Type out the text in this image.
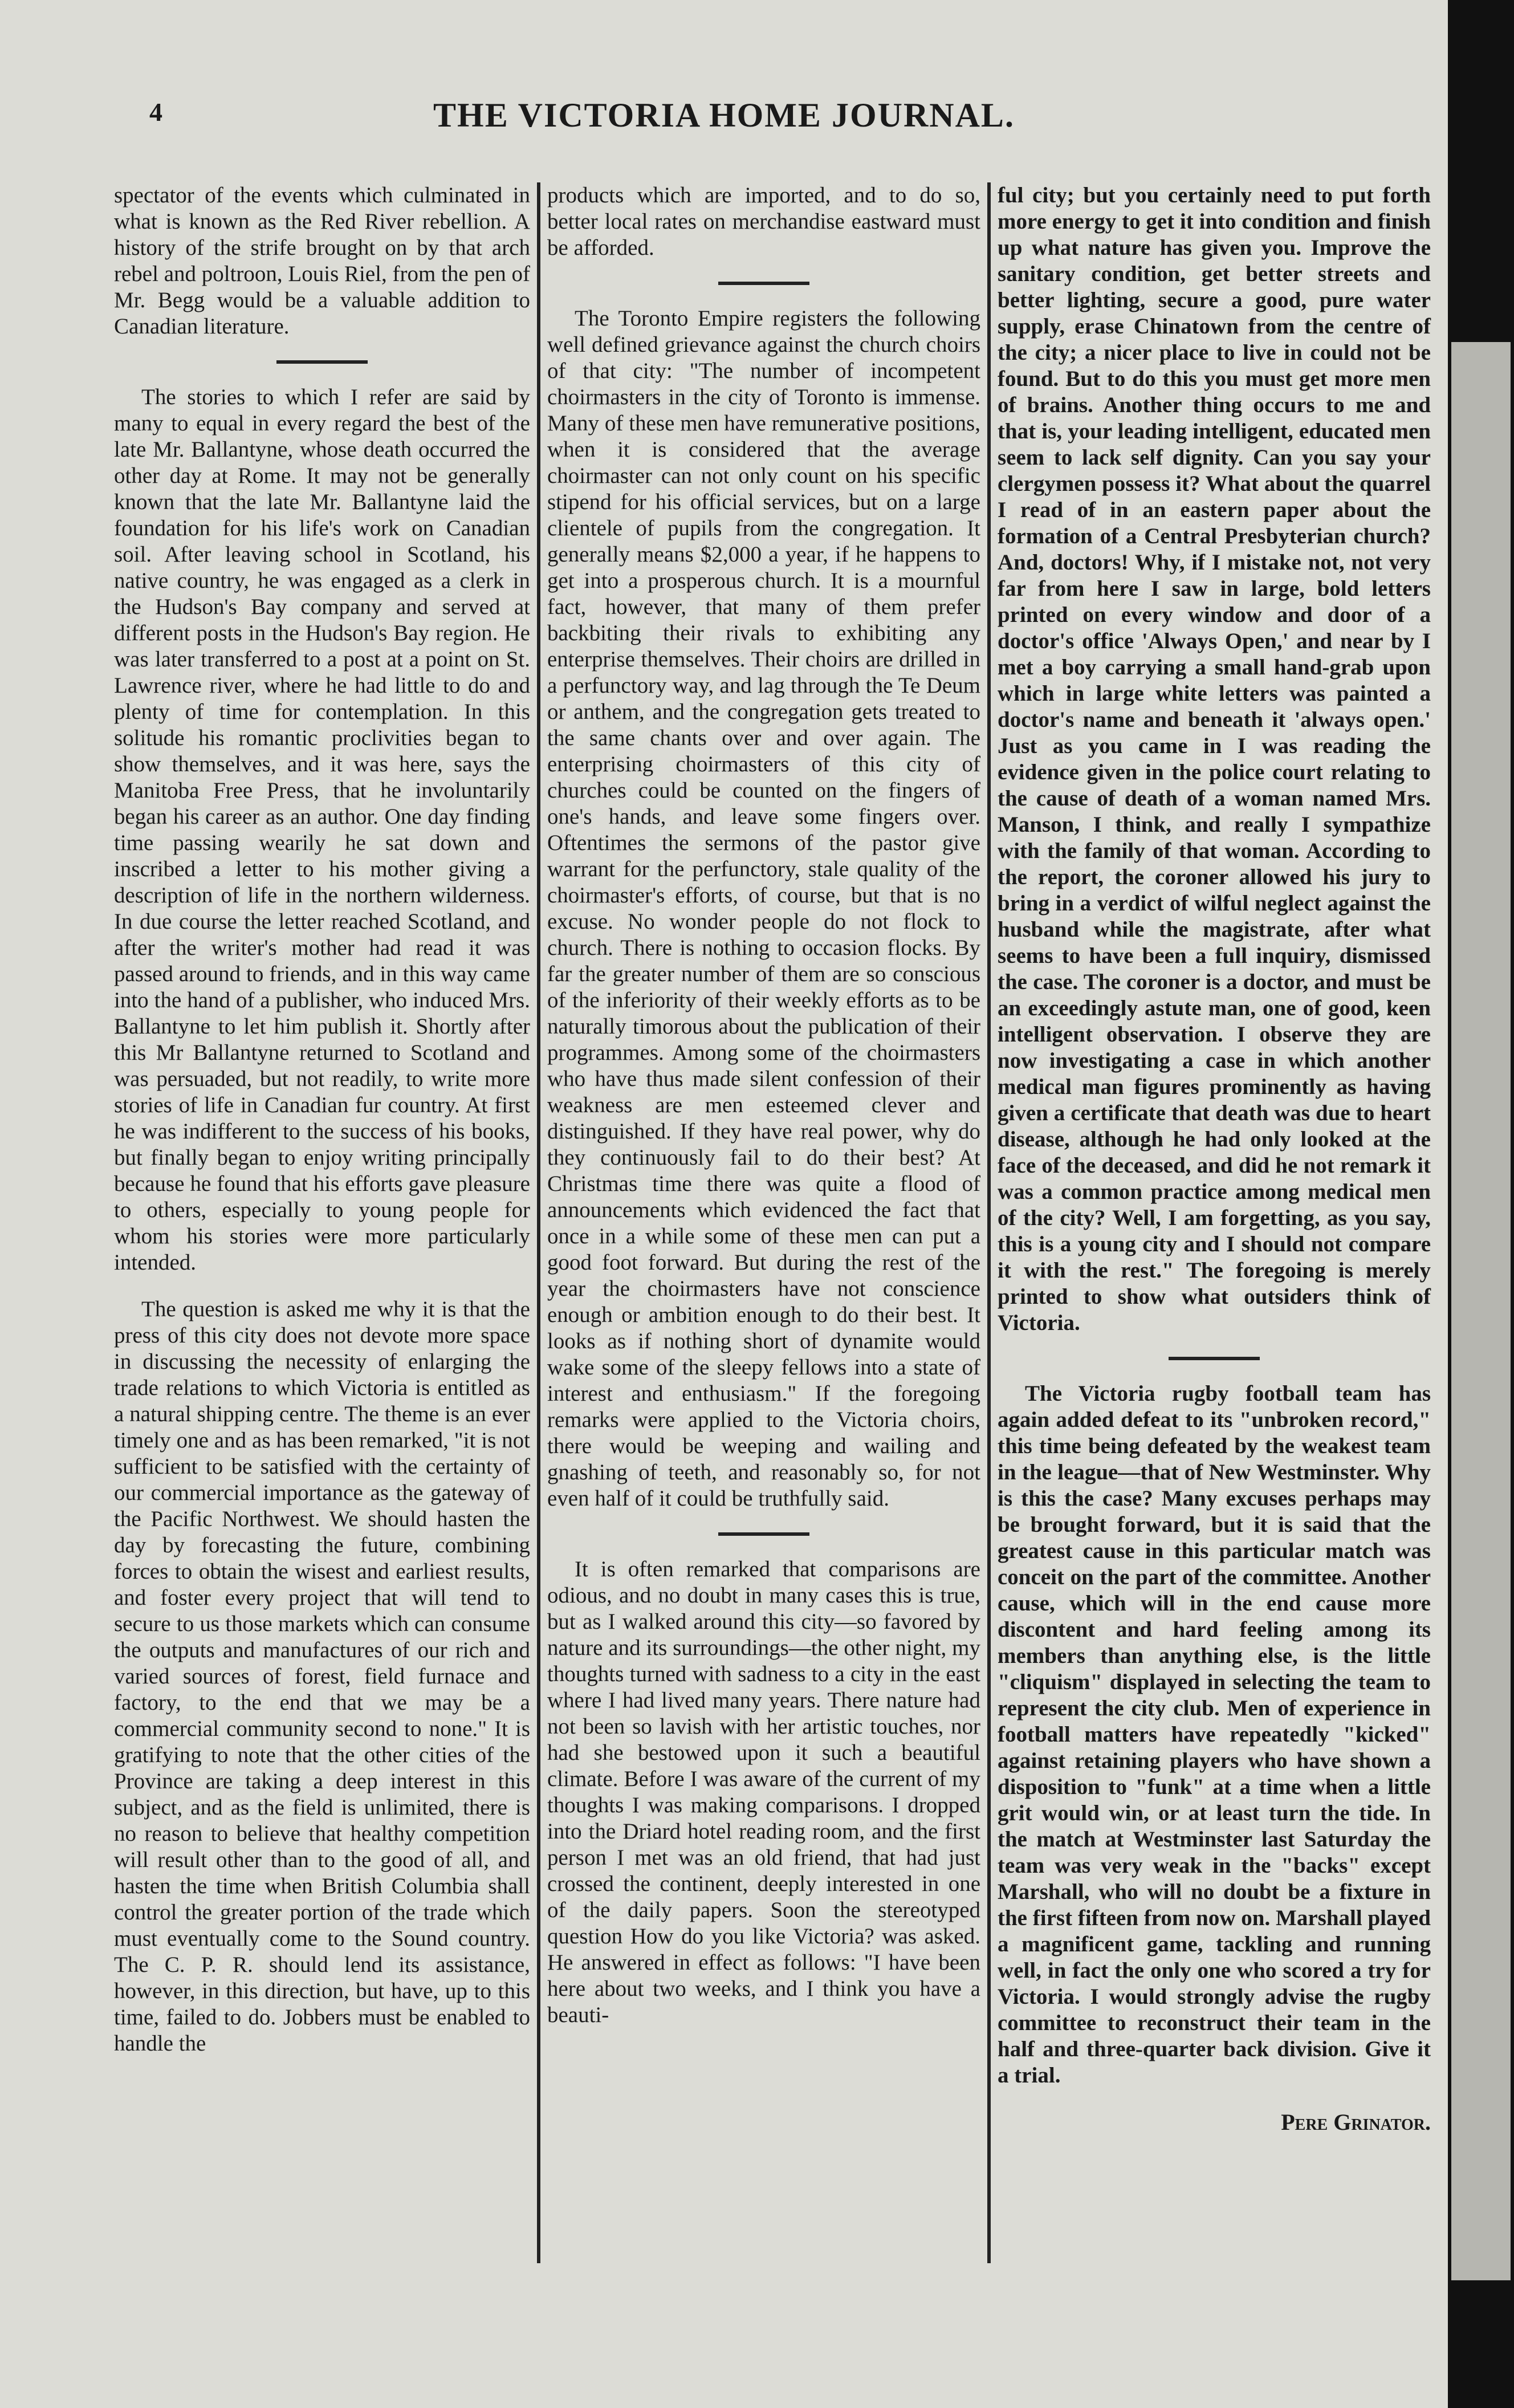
4	THE VICTORIA HOME JOURNAL.

spectator of the events which culminated in what is known as the Red River rebellion. A history of the strife brought on by that arch rebel and poltroon, Louis Riel, from the pen of Mr. Begg would be a valuable addition to Canadian literature.

The stories to which I refer are said by many to equal in every regard the best of the late Mr. Ballantyne, whose death occurred the other day at Rome. It may not be generally known that the late Mr. Ballantyne laid the foundation for his life's work on Canadian soil. After leaving school in Scotland, his native country, he was engaged as a clerk in the Hudson's Bay company and served at different posts in the Hudson's Bay region. He was later transferred to a post at a point on St. Lawrence river, where he had little to do and plenty of time for contemplation. In this solitude his romantic proclivities began to show themselves, and it was here, says the Manitoba Free Press, that he involuntarily began his career as an author. One day finding time passing wearily he sat down and inscribed a letter to his mother giving a description of life in the northern wilderness. In due course the letter reached Scotland, and after the writer's mother had read it was passed around to friends, and in this way came into the hand of a publisher, who induced Mrs. Ballantyne to let him publish it. Shortly after this Mr Ballantyne returned to Scotland and was persuaded, but not readily, to write more stories of life in Canadian fur country. At first he was indifferent to the success of his books, but finally began to enjoy writing principally because he found that his efforts gave pleasure to others, especially to young people for whom his stories were more particularly intended.

The question is asked me why it is that the press of this city does not devote more space in discussing the necessity of enlarging the trade relations to which Victoria is entitled as a natural shipping centre. The theme is an ever timely one and as has been remarked, "it is not sufficient to be satisfied with the certainty of our commercial importance as the gateway of the Pacific Northwest. We should hasten the day by forecasting the future, combining forces to obtain the wisest and earliest results, and foster every project that will tend to secure to us those markets which can consume the outputs and manufactures of our rich and varied sources of forest, field furnace and factory, to the end that we may be a commercial community second to none." It is gratifying to note that the other cities of the Province are taking a deep interest in this subject, and as the field is unlimited, there is no reason to believe that healthy competition will result other than to the good of all, and hasten the time when British Columbia shall control the greater portion of the trade which must eventually come to the Sound country. The C. P. R. should lend its assistance, however, in this direction, but have, up to this time, failed to do. Jobbers must be enabled to handle the

products which are imported, and to do so, better local rates on merchandise eastward must be afforded.

The Toronto Empire registers the following well defined grievance against the church choirs of that city: "The number of incompetent choirmasters in the city of Toronto is immense. Many of these men have remunerative positions, when it is considered that the average choirmaster can not only count on his specific stipend for his official services, but on a large clientele of pupils from the congregation. It generally means $2,000 a year, if he happens to get into a prosperous church. It is a mournful fact, however, that many of them prefer backbiting their rivals to exhibiting any enterprise themselves. Their choirs are drilled in a perfunctory way, and lag through the Te Deum or anthem, and the congregation gets treated to the same chants over and over again. The enterprising choirmasters of this city of churches could be counted on the fingers of one's hands, and leave some fingers over. Oftentimes the sermons of the pastor give warrant for the perfunctory, stale quality of the choirmaster's efforts, of course, but that is no excuse. No wonder people do not flock to church. There is nothing to occasion flocks. By far the greater number of them are so conscious of the inferiority of their weekly efforts as to be naturally timorous about the publication of their programmes. Among some of the choirmasters who have thus made silent confession of their weakness are men esteemed clever and distinguished. If they have real power, why do they continuously fail to do their best? At Christmas time there was quite a flood of announcements which evidenced the fact that once in a while some of these men can put a good foot forward. But during the rest of the year the choirmasters have not conscience enough or ambition enough to do their best. It looks as if nothing short of dynamite would wake some of the sleepy fellows into a state of interest and enthusiasm." If the foregoing remarks were applied to the Victoria choirs, there would be weeping and wailing and gnashing of teeth, and reasonably so, for not even half of it could be truthfully said.

It is often remarked that comparisons are odious, and no doubt in many cases this is true, but as I walked around this city—so favored by nature and its surroundings—the other night, my thoughts turned with sadness to a city in the east where I had lived many years. There nature had not been so lavish with her artistic touches, nor had she bestowed upon it such a beautiful climate. Before I was aware of the current of my thoughts I was making comparisons. I dropped into the Driard hotel reading room, and the first person I met was an old friend, that had just crossed the continent, deeply interested in one of the daily papers. Soon the stereotyped question How do you like Victoria? was asked. He answered in effect as follows: "I have been here about two weeks, and I think you have a beauti-

ful city; but you certainly need to put forth more energy to get it into condition and finish up what nature has given you. Improve the sanitary condition, get better streets and better lighting, secure a good, pure water supply, erase Chinatown from the centre of the city; a nicer place to live in could not be found. But to do this you must get more men of brains. Another thing occurs to me and that is, your leading intelligent, educated men seem to lack self dignity. Can you say your clergymen possess it? What about the quarrel I read of in an eastern paper about the formation of a Central Presbyterian church? And, doctors! Why, if I mistake not, not very far from here I saw in large, bold letters printed on every window and door of a doctor's office 'Always Open,' and near by I met a boy carrying a small hand-grab upon which in large white letters was painted a doctor's name and beneath it 'always open.' Just as you came in I was reading the evidence given in the police court relating to the cause of death of a woman named Mrs. Manson, I think, and really I sympathize with the family of that woman. According to the report, the coroner allowed his jury to bring in a verdict of wilful neglect against the husband while the magistrate, after what seems to have been a full inquiry, dismissed the case. The coroner is a doctor, and must be an exceedingly astute man, one of good, keen intelligent observation. I observe they are now investigating a case in which another medical man figures prominently as having given a certificate that death was due to heart disease, although he had only looked at the face of the deceased, and did he not remark it was a common practice among medical men of the city? Well, I am forgetting, as you say, this is a young city and I should not compare it with the rest." The foregoing is merely printed to show what outsiders think of Victoria.

The Victoria rugby football team has again added defeat to its "unbroken record," this time being defeated by the weakest team in the league—that of New Westminster. Why is this the case? Many excuses perhaps may be brought forward, but it is said that the greatest cause in this particular match was conceit on the part of the committee. Another cause, which will in the end cause more discontent and hard feeling among its members than anything else, is the little "cliquism" displayed in selecting the team to represent the city club. Men of experience in football matters have repeatedly "kicked" against retaining players who have shown a disposition to "funk" at a time when a little grit would win, or at least turn the tide. In the match at Westminster last Saturday the team was very weak in the "backs" except Marshall, who will no doubt be a fixture in the first fifteen from now on. Marshall played a magnificent game, tackling and running well, in fact the only one who scored a try for Victoria. I would strongly advise the rugby committee to reconstruct their team in the half and three-quarter back division. Give it a trial.

Pere Grinator.
